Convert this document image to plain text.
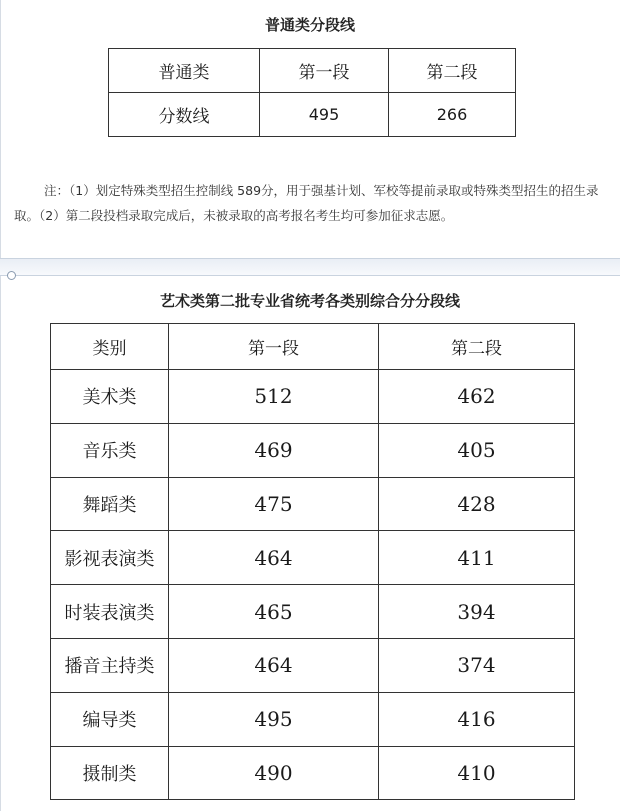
普通类分段线
普通类	第一段	第二段
分数线	495	266
注：（1）划定特殊类型招生控制线 589分，用于强基计划、军校等提前录取或特殊类型招生的招生录取。（2）第二段投档录取完成后，未被录取的高考报名考生均可参加征求志愿。
艺术类第二批专业省统考各类别综合分分段线
类别	第一段	第二段
美术类	512	462
音乐类	469	405
舞蹈类	475	428
影视表演类	464	411
时装表演类	465	394
播音主持类	464	374
编导类	495	416
摄制类	490	410
